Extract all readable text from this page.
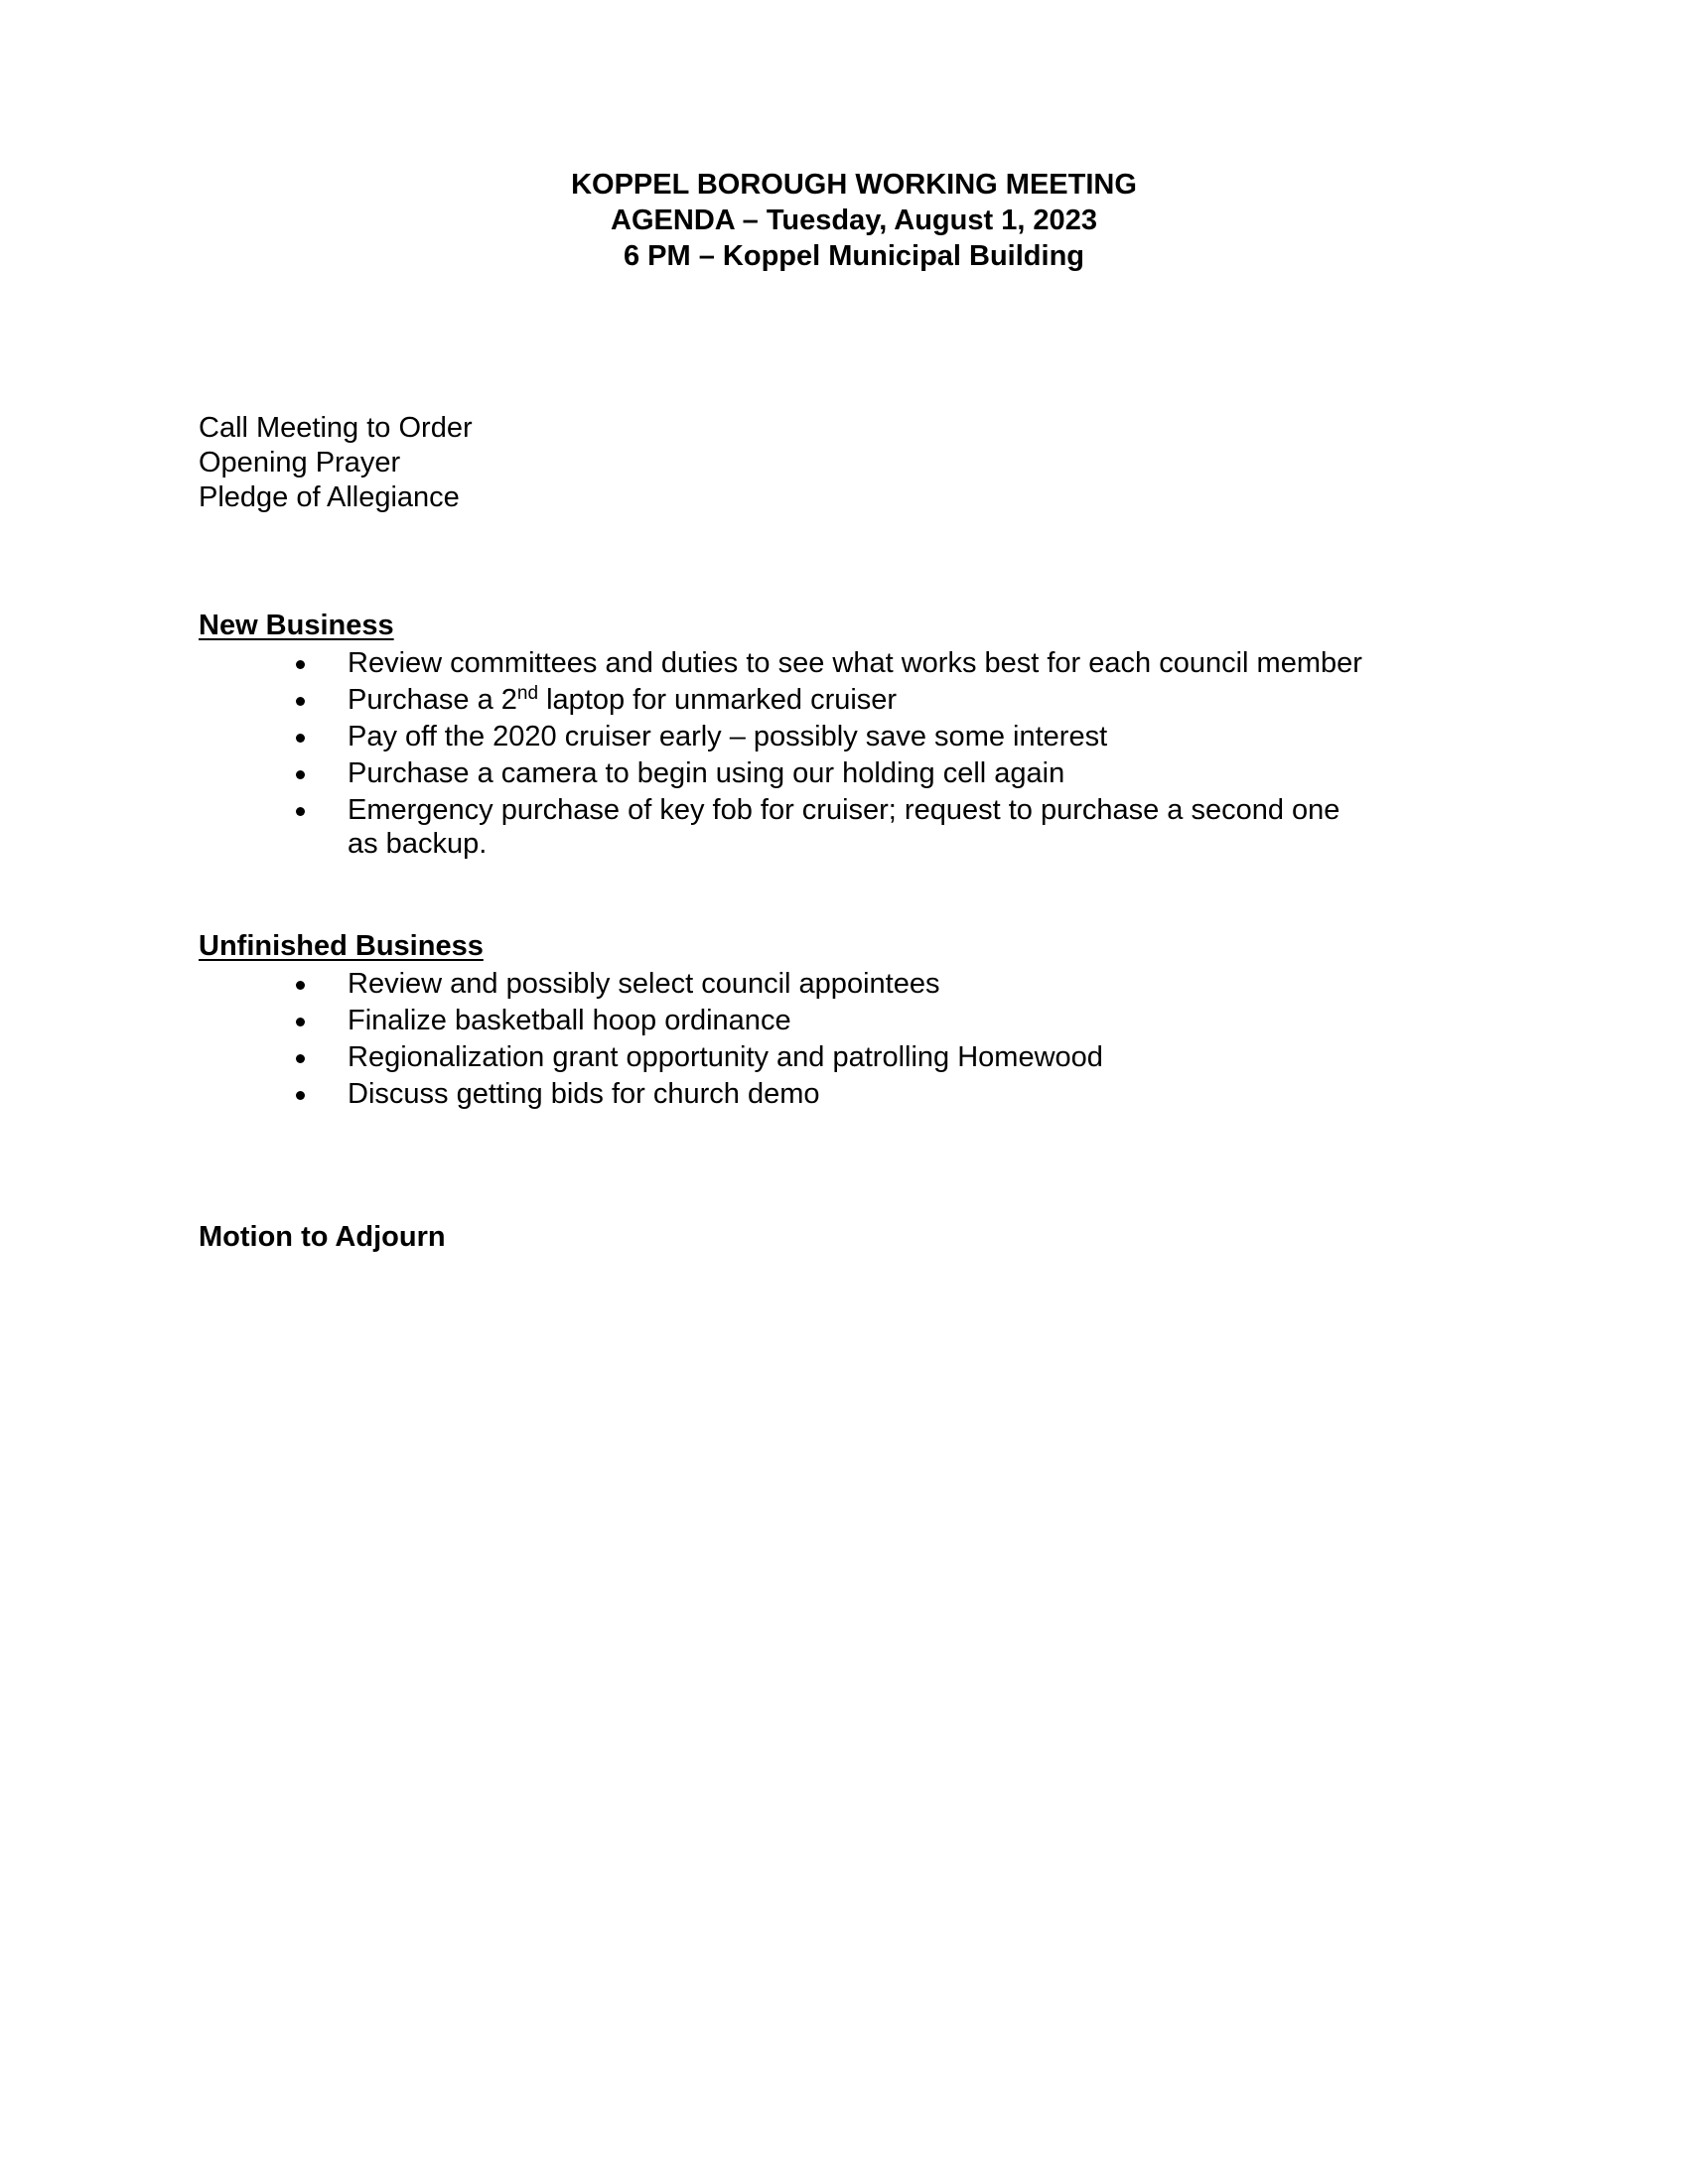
KOPPEL BOROUGH WORKING MEETING
AGENDA – Tuesday, August 1, 2023
6 PM – Koppel Municipal Building
Call Meeting to Order
Opening Prayer
Pledge of Allegiance
New Business
Review committees and duties to see what works best for each council member
Purchase a 2nd laptop for unmarked cruiser
Pay off the 2020 cruiser early – possibly save some interest
Purchase a camera to begin using our holding cell again
Emergency purchase of key fob for cruiser; request to purchase a second one as backup.
Unfinished Business
Review and possibly select council appointees
Finalize basketball hoop ordinance
Regionalization grant opportunity and patrolling Homewood
Discuss getting bids for church demo
Motion to Adjourn
